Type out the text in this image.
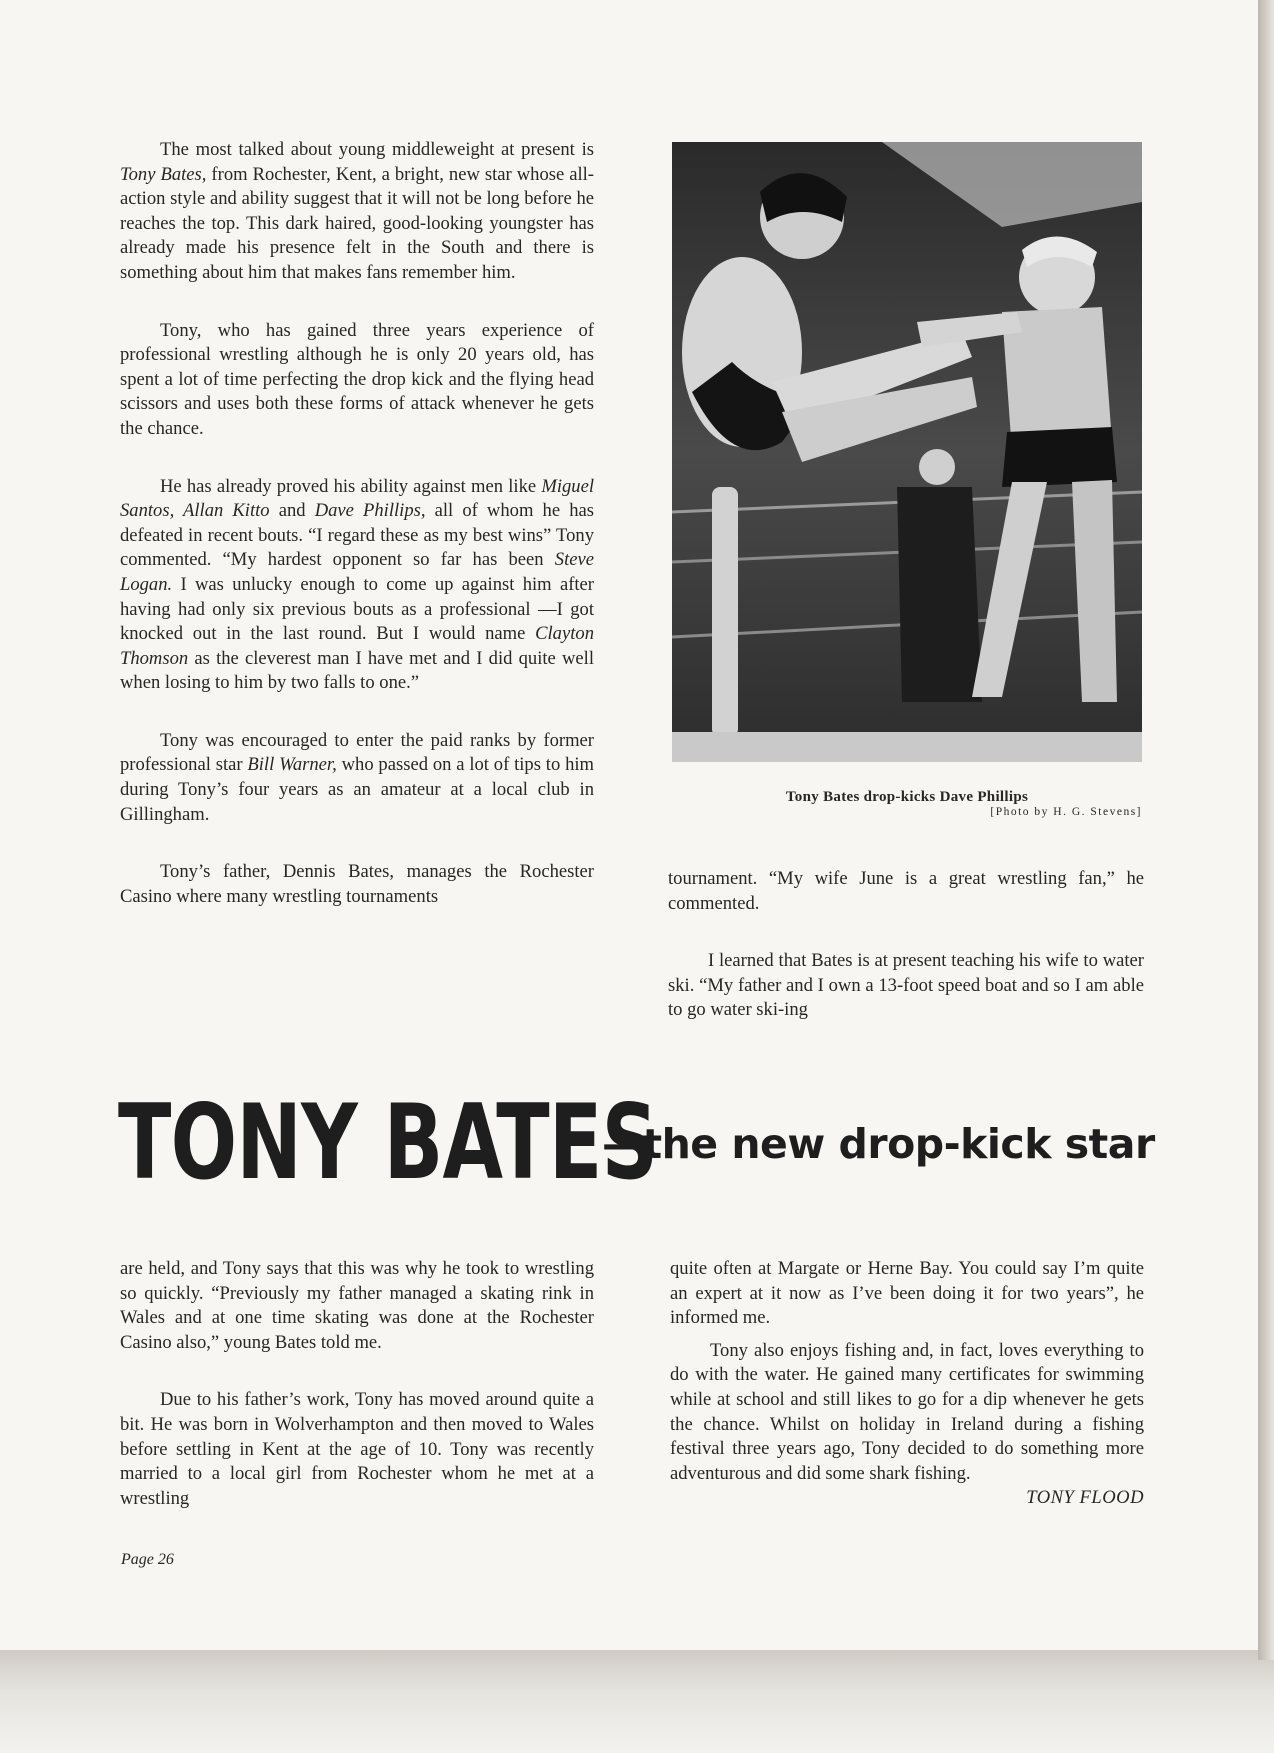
The most talked about young middleweight at present is Tony Bates, from Rochester, Kent, a bright, new star whose all-action style and ability suggest that it will not be long before he reaches the top. This dark haired, good-looking youngster has already made his presence felt in the South and there is something about him that makes fans remember him.

Tony, who has gained three years experience of professional wrestling although he is only 20 years old, has spent a lot of time perfecting the drop kick and the flying head scissors and uses both these forms of attack whenever he gets the chance.

He has already proved his ability against men like Miguel Santos, Allan Kitto and Dave Phillips, all of whom he has defeated in recent bouts. “I regard these as my best wins” Tony commented. “My hardest opponent so far has been Steve Logan. I was unlucky enough to come up against him after having had only six previous bouts as a professional —I got knocked out in the last round. But I would name Clayton Thomson as the cleverest man I have met and I did quite well when losing to him by two falls to one.”

Tony was encouraged to enter the paid ranks by former professional star Bill Warner, who passed on a lot of tips to him during Tony’s four years as an amateur at a local club in Gillingham.

Tony’s father, Dennis Bates, manages the Rochester Casino where many wrestling tournaments

Tony Bates drop-kicks Dave Phillips
[Photo by H. G. Stevens]

tournament. “My wife June is a great wrestling fan,” he commented.

I learned that Bates is at present teaching his wife to water ski. “My father and I own a 13-foot speed boat and so I am able to go water ski-ing

TONY BATES
—the new drop-kick star

are held, and Tony says that this was why he took to wrestling so quickly. “Previously my father managed a skating rink in Wales and at one time skating was done at the Rochester Casino also,” young Bates told me.

Due to his father’s work, Tony has moved around quite a bit. He was born in Wolverhampton and then moved to Wales before settling in Kent at the age of 10. Tony was recently married to a local girl from Rochester whom he met at a wrestling

quite often at Margate or Herne Bay. You could say I’m quite an expert at it now as I’ve been doing it for two years”, he informed me.

Tony also enjoys fishing and, in fact, loves everything to do with the water. He gained many certificates for swimming while at school and still likes to go for a dip whenever he gets the chance. Whilst on holiday in Ireland during a fishing festival three years ago, Tony decided to do something more adventurous and did some shark fishing.

TONY FLOOD
Page 26
